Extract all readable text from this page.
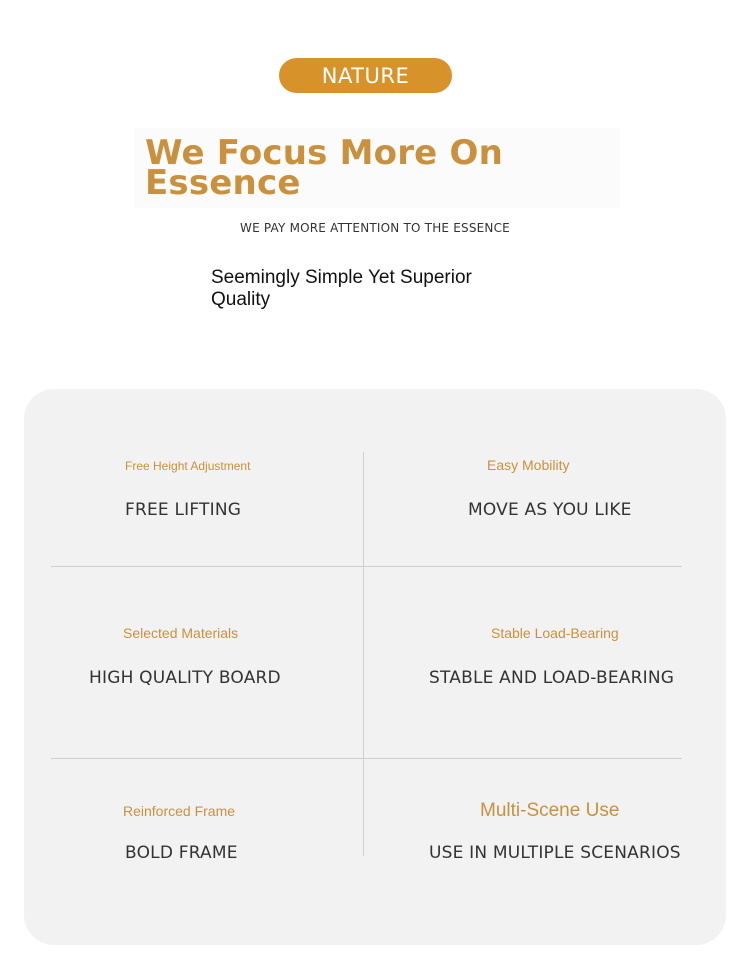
NATURE
We Focus More On
Essence
WE PAY MORE ATTENTION TO THE ESSENCE
Seemingly Simple Yet Superior
Quality
Free Height Adjustment
FREE LIFTING
Easy Mobility
MOVE AS YOU LIKE
Selected Materials
HIGH QUALITY BOARD
Stable Load-Bearing
STABLE AND LOAD-BEARING
Reinforced Frame
BOLD FRAME
Multi-Scene Use
USE IN MULTIPLE SCENARIOS
